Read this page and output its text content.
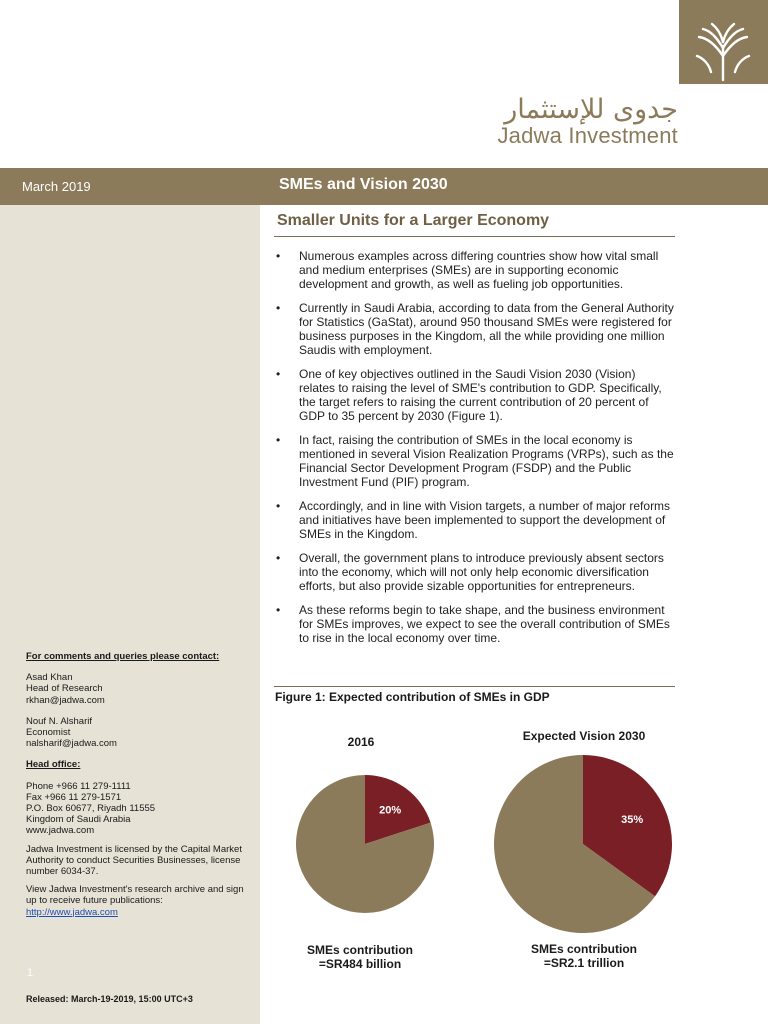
جدوى للإستثمار
Jadwa Investment
March 2019	SMEs and Vision 2030
Smaller Units for a Larger Economy
• Numerous examples across differing countries show how vital small and medium enterprises (SMEs) are in supporting economic development and growth, as well as fueling job opportunities.
• Currently in Saudi Arabia, according to data from the General Authority for Statistics (GaStat), around 950 thousand SMEs were registered for business purposes in the Kingdom, all the while providing one million Saudis with employment.
• One of key objectives outlined in the Saudi Vision 2030 (Vision) relates to raising the level of SME's contribution to GDP. Specifically, the target refers to raising the current contribution of 20 percent of GDP to 35 percent by 2030 (Figure 1).
• In fact, raising the contribution of SMEs in the local economy is mentioned in several Vision Realization Programs (VRPs), such as the Financial Sector Development Program (FSDP) and the Public Investment Fund (PIF) program.
• Accordingly, and in line with Vision targets, a number of major reforms and initiatives have been implemented to support the development of SMEs in the Kingdom.
• Overall, the government plans to introduce previously absent sectors into the economy, which will not only help economic diversification efforts, but also provide sizable opportunities for entrepreneurs.
• As these reforms begin to take shape, and the business environment for SMEs improves, we expect to see the overall contribution of SMEs to rise in the local economy over time.
Figure 1: Expected contribution of SMEs in GDP
2016	Expected Vision 2030
20%
35%
SMEs contribution
=SR484 billion
SMEs contribution
=SR2.1 trillion

For comments and queries please contact:

Asad Khan

Head of Research

rkhan@jadwa.com

Nouf N. Alsharif

Economist

nalsharif@jadwa.com

Head office:

Phone +966 11 279-1111

Fax +966 11 279-1571

P.O. Box 60677, Riyadh 11555

Kingdom of Saudi Arabia

www.jadwa.com

Jadwa Investment is licensed by the Capital Market Authority to conduct Securities Businesses, license number 6034-37.

View Jadwa Investment's research archive and sign up to receive future publications:

http://www.jadwa.com

1
Released: March-19-2019, 15:00 UTC+3
